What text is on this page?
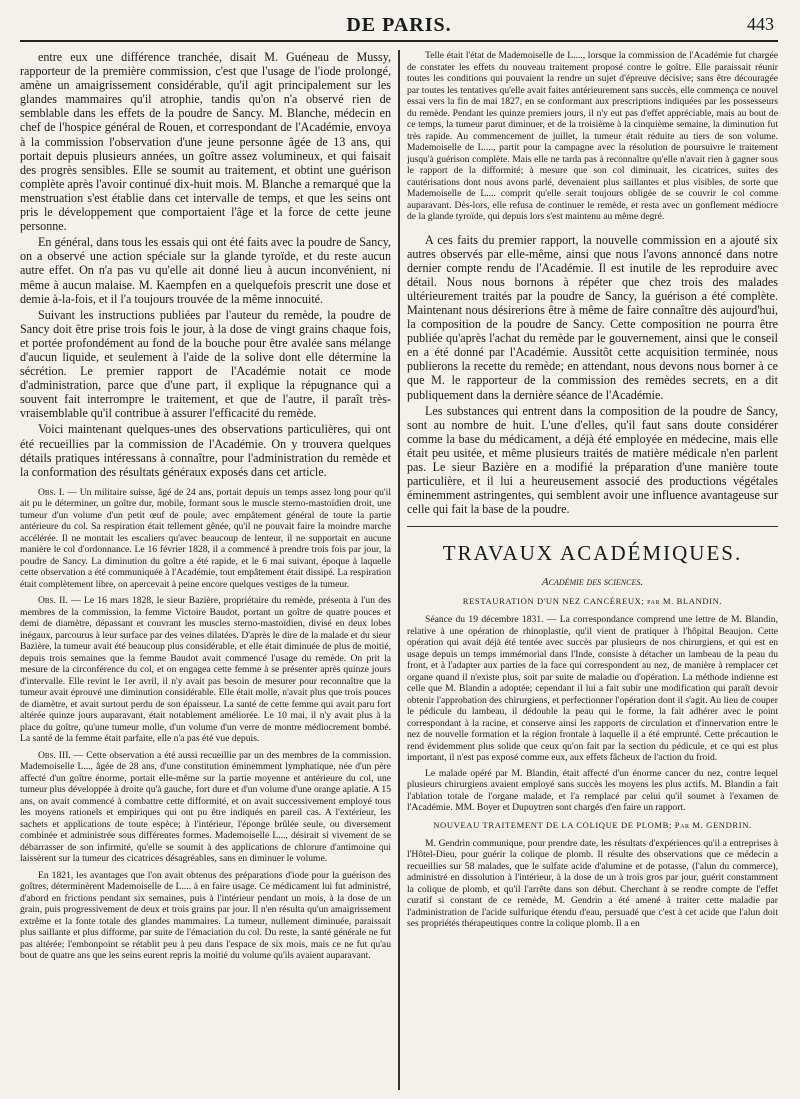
DE PARIS.	443

entre eux une différence tranchée, disait M. Guéneau de Mussy, rapporteur de la première commission, c'est que l'usage de l'iode prolongé, amène un amaigrissement considérable, qu'il agit principalement sur les glandes mammaires qu'il atrophie, tandis qu'on n'a observé rien de semblable dans les effets de la poudre de Sancy. M. Blanche, médecin en chef de l'hospice général de Rouen, et correspondant de l'Académie, envoya à la commission l'observation d'une jeune personne âgée de 13 ans, qui portait depuis plusieurs années, un goître assez volumineux, et qui faisait des progrès sensibles. Elle se soumit au traitement, et obtint une guérison complète après l'avoir continué dix-huit mois. M. Blanche a remarqué que la menstruation s'est établie dans cet intervalle de temps, et que les seins ont pris le développement que comportaient l'âge et la force de cette jeune personne.

En général, dans tous les essais qui ont été faits avec la poudre de Sancy, on a observé une action spéciale sur la glande tyroïde, et du reste aucun autre effet. On n'a pas vu qu'elle ait donné lieu à aucun inconvénient, ni même à aucun malaise. M. Kaempfen en a quelquefois prescrit une dose et demie à-la-fois, et il l'a toujours trouvée de la même innocuité.

Suivant les instructions publiées par l'auteur du remède, la poudre de Sancy doit être prise trois fois le jour, à la dose de vingt grains chaque fois, et portée profondément au fond de la bouche pour être avalée sans mélange d'aucun liquide, et seulement à l'aide de la solive dont elle détermine la sécrétion. Le premier rapport de l'Académie notait ce mode d'administration, parce que d'une part, il explique la répugnance qui a souvent fait interrompre le traitement, et que de l'autre, il paraît très-vraisemblable qu'il contribue à assurer l'efficacité du remède.

Voici maintenant quelques-unes des observations particulières, qui ont été recueillies par la commission de l'Académie. On y trouvera quelques détails pratiques intéressans à connaître, pour l'administration du remède et la conformation des résultats généraux exposés dans cet article.

Obs. I. — Un militaire suisse, âgé de 24 ans, portait depuis un temps assez long pour qu'il ait pu le déterminer, un goître dur, mobile, formant sous le muscle sterno-mastoïdien droit, une tumeur d'un volume d'un petit œuf de poule, avec empâtement général de toute la partie antérieure du col. Sa respiration était tellement gênée, qu'il ne pouvait faire la moindre marche accélérée. Il ne montait les escaliers qu'avec beaucoup de lenteur, il ne supportait en aucune manière le col d'ordonnance. Le 16 février 1828, il a commencé à prendre trois fois par jour, la poudre de Sancy. La diminution du goître a été rapide, et le 6 mai suivant, époque à laquelle cette observation a été communiquée à l'Académie, tout empâtement était dissipé. La respiration était complètement libre, on apercevait à peine encore quelques vestiges de la tumeur.

Obs. II. — Le 16 mars 1828, le sieur Bazière, propriétaire du remède, présenta à l'un des membres de la commission, la femme Victoire Baudot, portant un goître de quatre pouces et demi de diamètre, dépassant et couvrant les muscles sterno-mastoïdien, divisé en deux lobes inégaux, parcourus à leur surface par des veines dilatées. D'après le dire de la malade et du sieur Bazière, la tumeur avait été beaucoup plus considérable, et elle était diminuée de plus de moitié, depuis trois semaines que la femme Baudot avait commencé l'usage du remède. On prit la mesure de la circonférence du col, et on engagea cette femme à se présenter après quinze jours d'intervalle. Elle revint le 1er avril, il n'y avait pas besoin de mesurer pour reconnaître que la tumeur avait éprouvé une diminution considérable. Elle était molle, n'avait plus que trois pouces de diamètre, et avait surtout perdu de son épaisseur. La santé de cette femme qui avait paru fort altérée quinze jours auparavant, était notablement améliorée. Le 10 mai, il n'y avait plus à la place du goître, qu'une tumeur molle, d'un volume d'un verre de montre médiocrement bombé. La santé de la femme était parfaite, elle n'a pas été vue depuis.

Obs. III. — Cette observation a été aussi recueillie par un des membres de la commission. Mademoiselle L..., âgée de 28 ans, d'une constitution éminemment lymphatique, née d'un père affecté d'un goître énorme, portait elle-même sur la partie moyenne et antérieure du col, une tumeur plus développée à droite qu'à gauche, fort dure et d'un volume d'une orange aplatie. A 15 ans, on avait commencé à combattre cette difformité, et on avait successivement employé tous les moyens rationels et empiriques qui ont pu être indiqués en pareil cas. A l'extérieur, les sachets et applications de toute espèce; à l'intérieur, l'éponge brûlée seule, ou diversement combinée et administrée sous différentes formes. Mademoiselle L..., désirait si vivement de se débarrasser de son infirmité, qu'elle se soumit à des applications de chlorure d'antimoine qui laissèrent sur la tumeur des cicatrices désagréables, sans en diminuer le volume.

En 1821, les avantages que l'on avait obtenus des préparations d'iode pour la guérison des goîtres, déterminèrent Mademoiselle de L.... à en faire usage. Ce médicament lui fut administré, d'abord en frictions pendant six semaines, puis à l'intérieur pendant un mois, à la dose de un grain, puis progressivement de deux et trois grains par jour. Il n'en résulta qu'un amaigrissement extrême et la fonte totale des glandes mammaires. La tumeur, nullement diminuée, paraissait plus saillante et plus difforme, par suite de l'émaciation du col. Du reste, la santé générale ne fut pas altérée; l'embonpoint se rétablit peu à peu dans l'espace de six mois, mais ce ne fut qu'au bout de quatre ans que les seins eurent repris la moitié du volume qu'ils avaient auparavant.

Telle était l'état de Mademoiselle de L...., lorsque la commission de l'Académie fut chargée de constater les effets du nouveau traitement proposé contre le goître. Elle paraissait réunir toutes les conditions qui pouvaient la rendre un sujet d'épreuve décisive; sans être découragée par toutes les tentatives qu'elle avait faites antérieurement sans succès, elle commença ce nouvel essai vers la fin de mai 1827, en se conformant aux prescriptions indiquées par les possesseurs du remède. Pendant les quinze premiers jours, il n'y eut pas d'effet appréciable, mais au bout de ce temps, la tumeur parut diminuer, et de la troisième à la cinquième semaine, la diminution fut très rapide. Au commencement de juillet, la tumeur était réduite au tiers de son volume. Mademoiselle de L...., partit pour la campagne avec la résolution de poursuivre le traitement jusqu'à guérison complète. Mais elle ne tarda pas à reconnaître qu'elle n'avait rien à gagner sous le rapport de la difformité; à mesure que son col diminuait, les cicatrices, suites des cautérisations dont nous avons parlé, devenaient plus saillantes et plus visibles, de sorte que Mademoiselle de L.... comprit qu'elle serait toujours obligée de se couvrir le col comme auparavant. Dès-lors, elle refusa de continuer le remède, et resta avec un gonflement médiocre de la glande tyroïde, qui depuis lors s'est maintenu au même degré.

A ces faits du premier rapport, la nouvelle commission en a ajouté six autres observés par elle-même, ainsi que nous l'avons annoncé dans notre dernier compte rendu de l'Académie. Il est inutile de les reproduire avec détail. Nous nous bornons à répéter que chez trois des malades ultérieurement traités par la poudre de Sancy, la guérison a été complète. Maintenant nous désirerions être à même de faire connaître dès aujourd'hui, la composition de la poudre de Sancy. Cette composition ne pourra être publiée qu'après l'achat du remède par le gouvernement, ainsi que le conseil en a été donné par l'Académie. Aussitôt cette acquisition terminée, nous publierons la recette du remède; en attendant, nous devons nous borner à ce que M. le rapporteur de la commission des remèdes secrets, en a dit publiquement dans la dernière séance de l'Académie.

Les substances qui entrent dans la composition de la poudre de Sancy, sont au nombre de huit. L'une d'elles, qu'il faut sans doute considérer comme la base du médicament, a déjà été employée en médecine, mais elle était peu usitée, et même plusieurs traités de matière médicale n'en parlent pas. Le sieur Bazière en a modifié la préparation d'une manière toute particulière, et il lui a heureusement associé des productions végétales éminemment astringentes, qui semblent avoir une influence avantageuse sur celle qui fait la base de la poudre.

TRAVAUX ACADÉMIQUES.
Académie des sciences.
RESTAURATION D'UN NEZ CANCÉREUX; par M. BLANDIN.

Séance du 19 décembre 1831. — La correspondance comprend une lettre de M. Blandin, relative à une opération de rhinoplastie, qu'il vient de pratiquer à l'hôpital Beaujon. Cette opération qui avait déjà été tentée avec succès par plusieurs de nos chirurgiens, et qui est en usage depuis un temps immémorial dans l'Inde, consiste à détacher un lambeau de la peau du front, et à l'adapter aux parties de la face qui correspondent au nez, de manière à remplacer cet organe quand il n'existe plus, soit par suite de maladie ou d'opération. La méthode indienne est celle que M. Blandin a adoptée; cependant il lui a fait subir une modification qui paraît devoir obtenir l'approbation des chirurgiens, et perfectionner l'opération dont il s'agit. Au lieu de couper le pédicule du lambeau, il dédouble la peau qui le forme, la fait adhérer avec le point correspondant à la racine, et conserve ainsi les rapports de circulation et d'innervation entre le nez de nouvelle formation et la région frontale à laquelle il a été emprunté. Cette précaution le rend évidemment plus solide que ceux qu'on fait par la section du pédicule, et ce qui est plus important, il n'est pas exposé comme eux, aux effets fâcheux de l'action du froid.

Le malade opéré par M. Blandin, était affecté d'un énorme cancer du nez, contre lequel plusieurs chirurgiens avaient employé sans succès les moyens les plus actifs. M. Blandin a fait l'ablation totale de l'organe malade, et l'a remplacé par celui qu'il soumet à l'examen de l'Académie. MM. Boyer et Dupuytren sont chargés d'en faire un rapport.

NOUVEAU TRAITEMENT DE LA COLIQUE DE PLOMB; Par M. GENDRIN.

M. Gendrin communique, pour prendre date, les résultats d'expériences qu'il a entreprises à l'Hôtel-Dieu, pour guérir la colique de plomb. Il résulte des observations que ce médecin a recueillies sur 58 malades, que le sulfate acide d'alumine et de potasse, (l'alun du commerce), administré en dissolution à l'intérieur, à la dose de un à trois gros par jour, guérit constamment la colique de plomb, et qu'il l'arrête dans son début. Cherchant à se rendre compte de l'effet curatif si constant de ce remède, M. Gendrin a été amené à traiter cette maladie par l'administration de l'acide sulfurique étendu d'eau, persuadé que c'est à cet acide que l'alun doit ses propriétés thérapeutiques contre la colique plomb. Il a en
